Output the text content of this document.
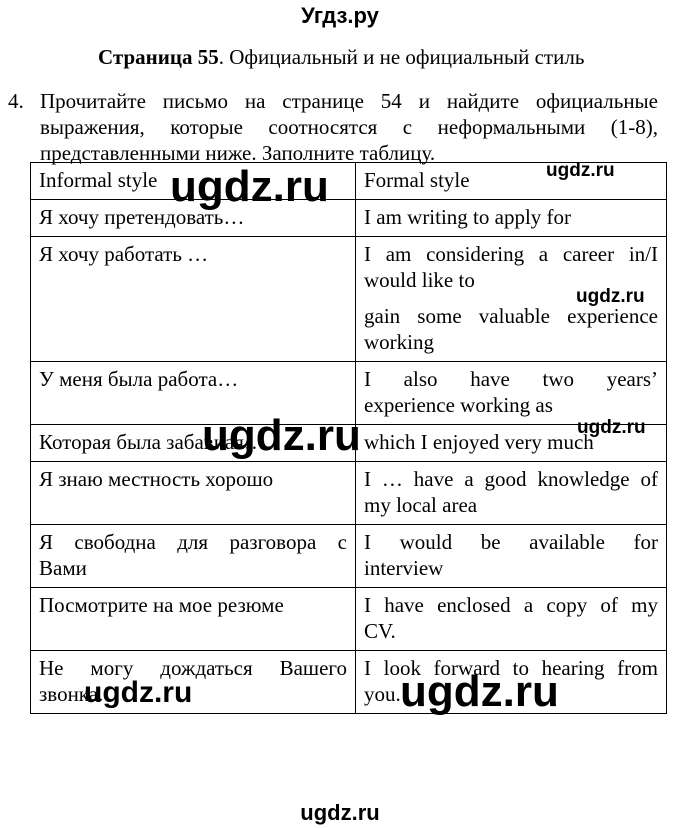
Угдз.ру
Страница 55. Официальный и не официальный стиль
4. Прочитайте письмо на странице 54 и найдите официальные
выражения, которые соотносятся с неформальными (1-8),
представленными ниже. Заполните таблицу.
Informal style	Formal style

Я хочу претендовать…	I am writing to apply for

Я хочу работать …	I am considering a career in/I
would like to
gain some valuable experience
working

У меня была работа…	I also have two years’
experience working as

Которая была забавная…	which I enjoyed very much

Я знаю местность хорошо	I … have a good knowledge of
my local area

Я свободна для разговора с
Вами	I would be available for
interview

Посмотрите на мое резюме	I have enclosed a copy of my
CV.

Не могу дождаться Вашего
звонка.	I look forward to hearing from
you.
ugdz.ru	ugdz.ru
ugdz.ru
ugdz.ru	ugdz.ru
ugdz.ru	ugdz.ru
ugdz.ru
